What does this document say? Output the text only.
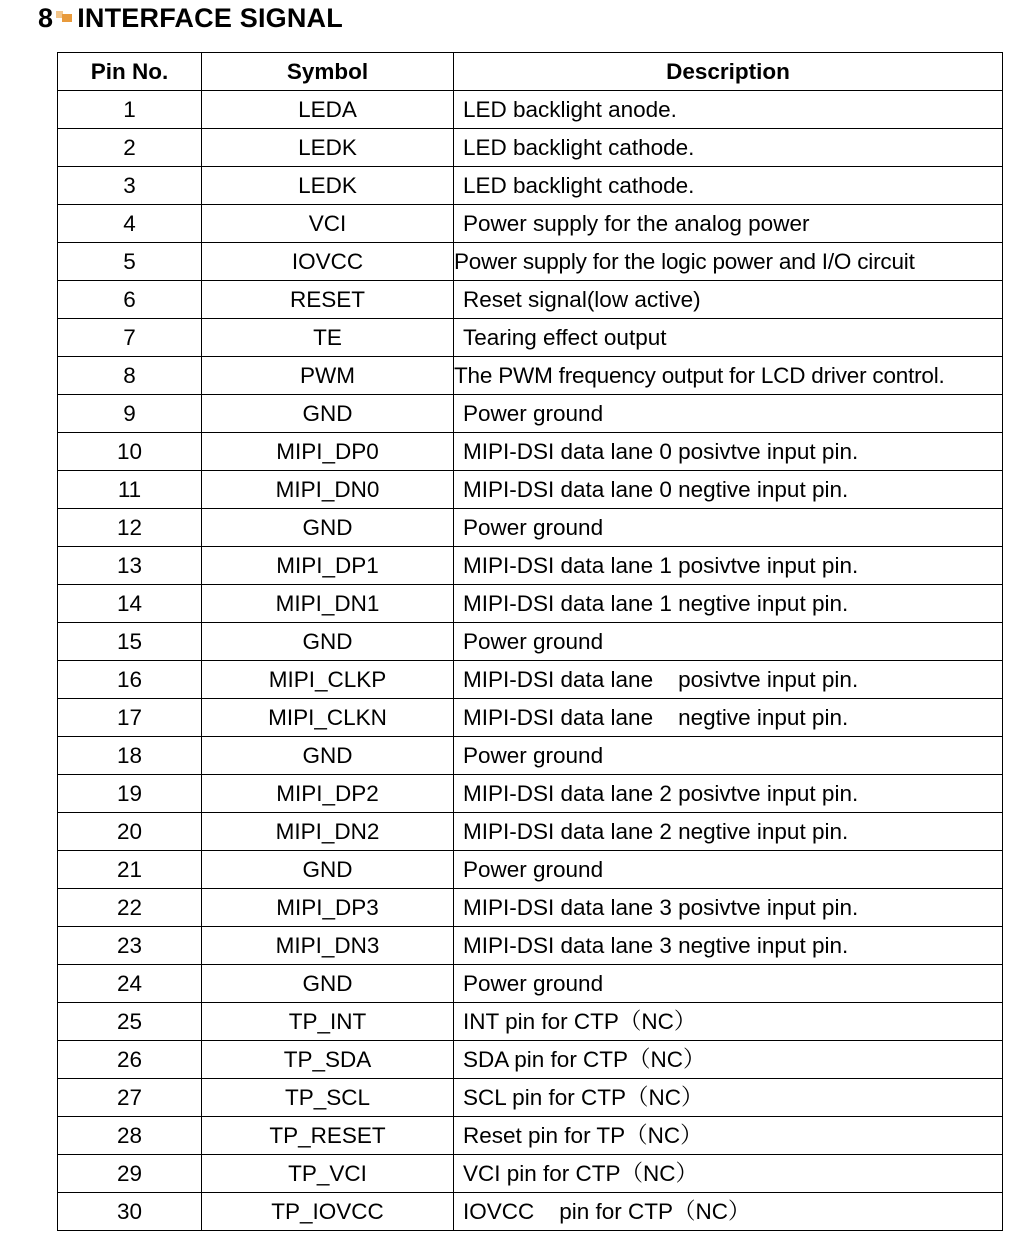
8 INTERFACE SIGNAL
Pin No.	Symbol	Description
1	LEDA	LED backlight anode.
2	LEDK	LED backlight cathode.
3	LEDK	LED backlight cathode.
4	VCI	Power supply for the analog power
5	IOVCC	Power supply for the logic power and I/O circuit
6	RESET	Reset signal(low active)
7	TE	Tearing effect output
8	PWM	The PWM frequency output for LCD driver control.
9	GND	Power ground
10	MIPI_DP0	MIPI-DSI data lane 0 posivtve input pin.
11	MIPI_DN0	MIPI-DSI data lane 0 negtive input pin.
12	GND	Power ground
13	MIPI_DP1	MIPI-DSI data lane 1 posivtve input pin.
14	MIPI_DN1	MIPI-DSI data lane 1 negtive input pin.
15	GND	Power ground
16	MIPI_CLKP	MIPI-DSI data lane    posivtve input pin.
17	MIPI_CLKN	MIPI-DSI data lane    negtive input pin.
18	GND	Power ground
19	MIPI_DP2	MIPI-DSI data lane 2 posivtve input pin.
20	MIPI_DN2	MIPI-DSI data lane 2 negtive input pin.
21	GND	Power ground
22	MIPI_DP3	MIPI-DSI data lane 3 posivtve input pin.
23	MIPI_DN3	MIPI-DSI data lane 3 negtive input pin.
24	GND	Power ground
25	TP_INT	INT pin for CTP（NC）
26	TP_SDA	SDA pin for CTP（NC）
27	TP_SCL	SCL pin for CTP（NC）
28	TP_RESET	Reset pin for TP（NC）
29	TP_VCI	VCI pin for CTP（NC）
30	TP_IOVCC	IOVCC    pin for CTP（NC）
